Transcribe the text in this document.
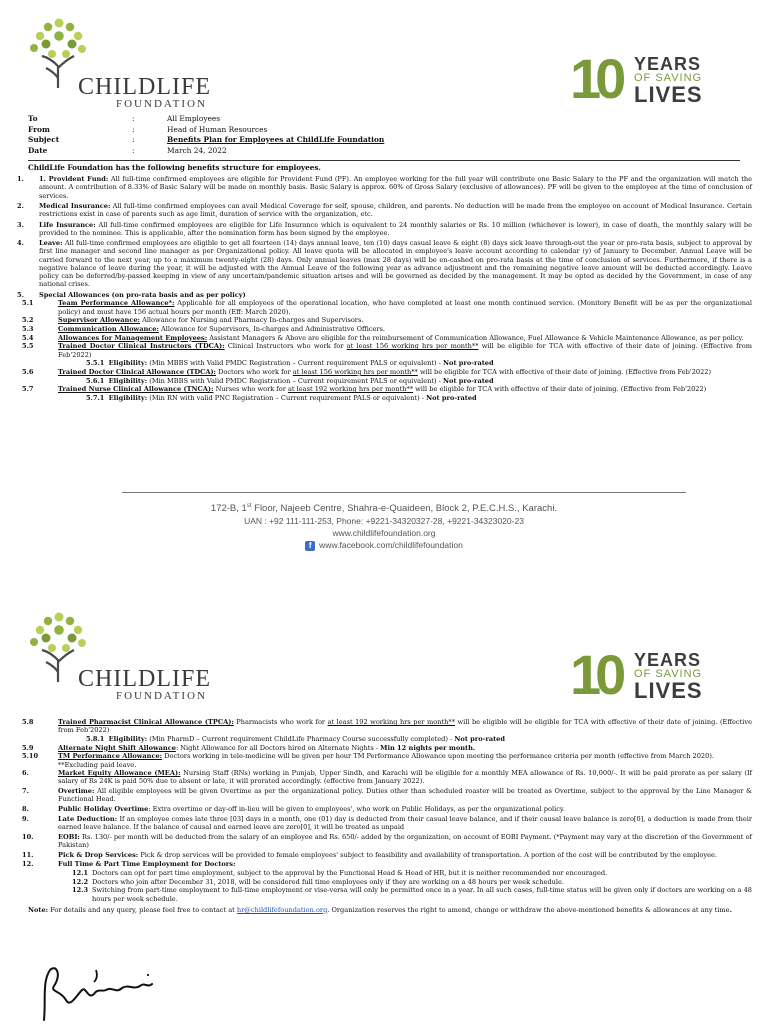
CHILDLIFE
FOUNDATION	10 YEARS
OF SAVING
LIVES
To	:	All Employees
From	:	Head of Human Resources
Subject	:	Benefits Plan for Employees at ChildLife Foundation
Date	:	March 24, 2022

ChildLife Foundation has the following benefits structure for employees.

1. 1. Provident Fund: All full-time confirmed employees are eligible for Provident Fund (PF). An employee working for the full year will contribute one Basic Salary to the PF and the organization will match the amount. A contribution of 8.33% of Basic Salary will be made on monthly basis. Basic Salary is approx. 60% of Gross Salary (exclusive of allowances). PF will be given to the employee at the time of conclusion of services.

2. Medical Insurance: All full-time confirmed employees can avail Medical Coverage for self, spouse, children, and parents. No deduction will be made from the employee on account of Medical Insurance. Certain restrictions exist in case of parents such as age limit, duration of service with the organization, etc.

3. Life Insurance: All full-time confirmed employees are eligible for Life Insurance which is equivalent to 24 monthly salaries or Rs. 10 million (whichever is lower), in case of death, the monthly salary will be provided to the nominee. This is applicable, after the nomination form has been signed by the employee.

4. Leave: All full-time confirmed employees are eligible to get all fourteen (14) days annual leave, ten (10) days casual leave & eight (8) days sick leave through-out the year or pro-rata basis, subject to approval by first line manager and second line manager as per Organizational policy. All leave quota will be allocated in employee's leave account according to calendar (y) of January to December. Annual Leave will be carried forward to the next year, up to a maximum twenty-eight (28) days. Only annual leaves (max 28 days) will be en-cashed on pro-rata basis at the time of conclusion of services. Furthermore, if there is a negative balance of leave during the year, it will be adjusted with the Annual Leave of the following year as advance adjustment and the remaining negative leave amount will be deducted accordingly. Leave policy can be deferred/by-passed keeping in view of any uncertain/pandemic situation arises and will be governed as decided by the management. It may be opted as decided by the Government, in case of any national crises.

5. Special Allowances (on pro-rata basis and as per policy)

5.1	Team Performance Allowance*: Applicable for all employees of the operational location, who have completed at least one month continued service. (Monitory Benefit will be as per the organizational policy) and must have 156 actual hours per month (Eff: March 2020).

5.2	Supervisor Allowance: Allowance for Nursing and Pharmacy In-charges and Supervisors.

5.3	Communication Allowance: Allowance for Supervisors, In-charges and Administrative Officers.

5.4	Allowances for Management Employees: Assistant Managers & Above are eligible for the reimbursement of Communication Allowance, Fuel Allowance & Vehicle Maintenance Allowance, as per policy.

5.5	Trained Doctor Clinical Instructors (TDCA): Clinical Instructors who work for at least 156 working hrs per month** will be eligible for TCA with effective of their date of joining. (Effective from Feb'2022)

5.5.1 Eligibility: (Min MBBS with Valid PMDC Registration – Current requirement PALS or equivalent) - Not pro-rated

5.6	Trained Doctor Clinical Allowance (TDCA): Doctors who work for at least 156 working hrs per month** will be eligible for TCA with effective of their date of joining. (Effective from Feb'2022)

5.6.1 Eligibility: (Min MBBS with Valid PMDC Registration – Current requirement PALS or equivalent) - Not pro-rated

5.7	Trained Nurse Clinical Allowance (TNCA): Nurses who work for at least 192 working hrs per month** will be eligible for TCA with effective of their date of joining. (Effective from Feb'2022)

5.7.1 Eligibility: (Min RN with valid PNC Registration – Current requirement PALS or equivalent) - Not pro-rated

172-B, 1st Floor, Najeeb Centre, Shahra-e-Quaideen, Block 2, P.E.C.H.S., Karachi.
UAN : +92 111-111-253, Phone: +9221-34320327-28, +9221-34323020-23
www.childlifefoundation.org
f www.facebook.com/childlifefoundation
CHILDLIFE
FOUNDATION	10 YEARS
OF SAVING
LIVES

5.8	Trained Pharmacist Clinical Allowance (TPCA): Pharmacists who work for at least 192 working hrs per month** will be eligible will be eligible for TCA with effective of their date of joining. (Effective from Feb'2022)

5.8.1 Eligibility: (Min PharmD – Current requirement ChildLife Pharmacy Course successfully completed) - Not pro-rated

5.9	Alternate Night Shift Allowance: Night Allowance for all Doctors hired on Alternate Nights - Min 12 nights per month.

5.10	TM Performance Allowance: Doctors working in tele-medicine will be given per hour TM Performance Allowance upon meeting the performance criteria per month (effective from March 2020).
**Excluding paid leave.

6.	Market Equity Allowance (MEA): Nursing Staff (RNs) working in Punjab, Upper Sindh, and Karachi will be eligible for a monthly MEA allowance of Rs. 10,000/-. It will be paid prorate as per salary (If salary of Rs 24K is paid 50% due to absent or late, it will prorated accordingly. (effective from January 2022).

7.	Overtime: All eligible employees will be given Overtime as per the organizational policy. Duties other than scheduled roaster will be treated as Overtime, subject to the approval by the Line Manager & Functional Head.

8.	Public Holiday Overtime: Extra overtime or day-off in-lieu will be given to employees', who work on Public Holidays, as per the organizational policy.

9.	Late Deduction: If an employee comes late three [03] days in a month, one (01) day is deducted from their casual leave balance, and if their causal leave balance is zero[0], a deduction is made from their earned leave balance. If the balance of causal and earned leave are zero[0], it will be treated as unpaid

10.	EOBI: Rs. 130/- per month will be deducted from the salary of an employee and Rs. 650/- added by the organization, on account of EOBI Payment. (*Payment may vary at the discretion of the Government of Pakistan)

11.	Pick & Drop Services: Pick & drop services will be provided to female employees' subject to feasibility and availability of transportation. A portion of the cost will be contributed by the employee.

12.	Full Time & Part Time Employment for Doctors:

12.1 Doctors can opt for part time employment, subject to the approval by the Functional Head & Head of HR, but it is neither recommended nor encouraged.

12.2 Doctors who join after December 31, 2018, will be considered full time employees only if they are working on a 48 hours per week schedule.

12.3 Switching from part-time employment to full-time employment or vise-versa will only be permitted once in a year. In all such cases, full-time status will be given only if doctors are working on a 48 hours per week schedule.

Note: For details and any query, please feel free to contact at hr@childlifefoundation.org. Organization reserves the right to amend, change or withdraw the above-mentioned benefits & allowances at any time.
